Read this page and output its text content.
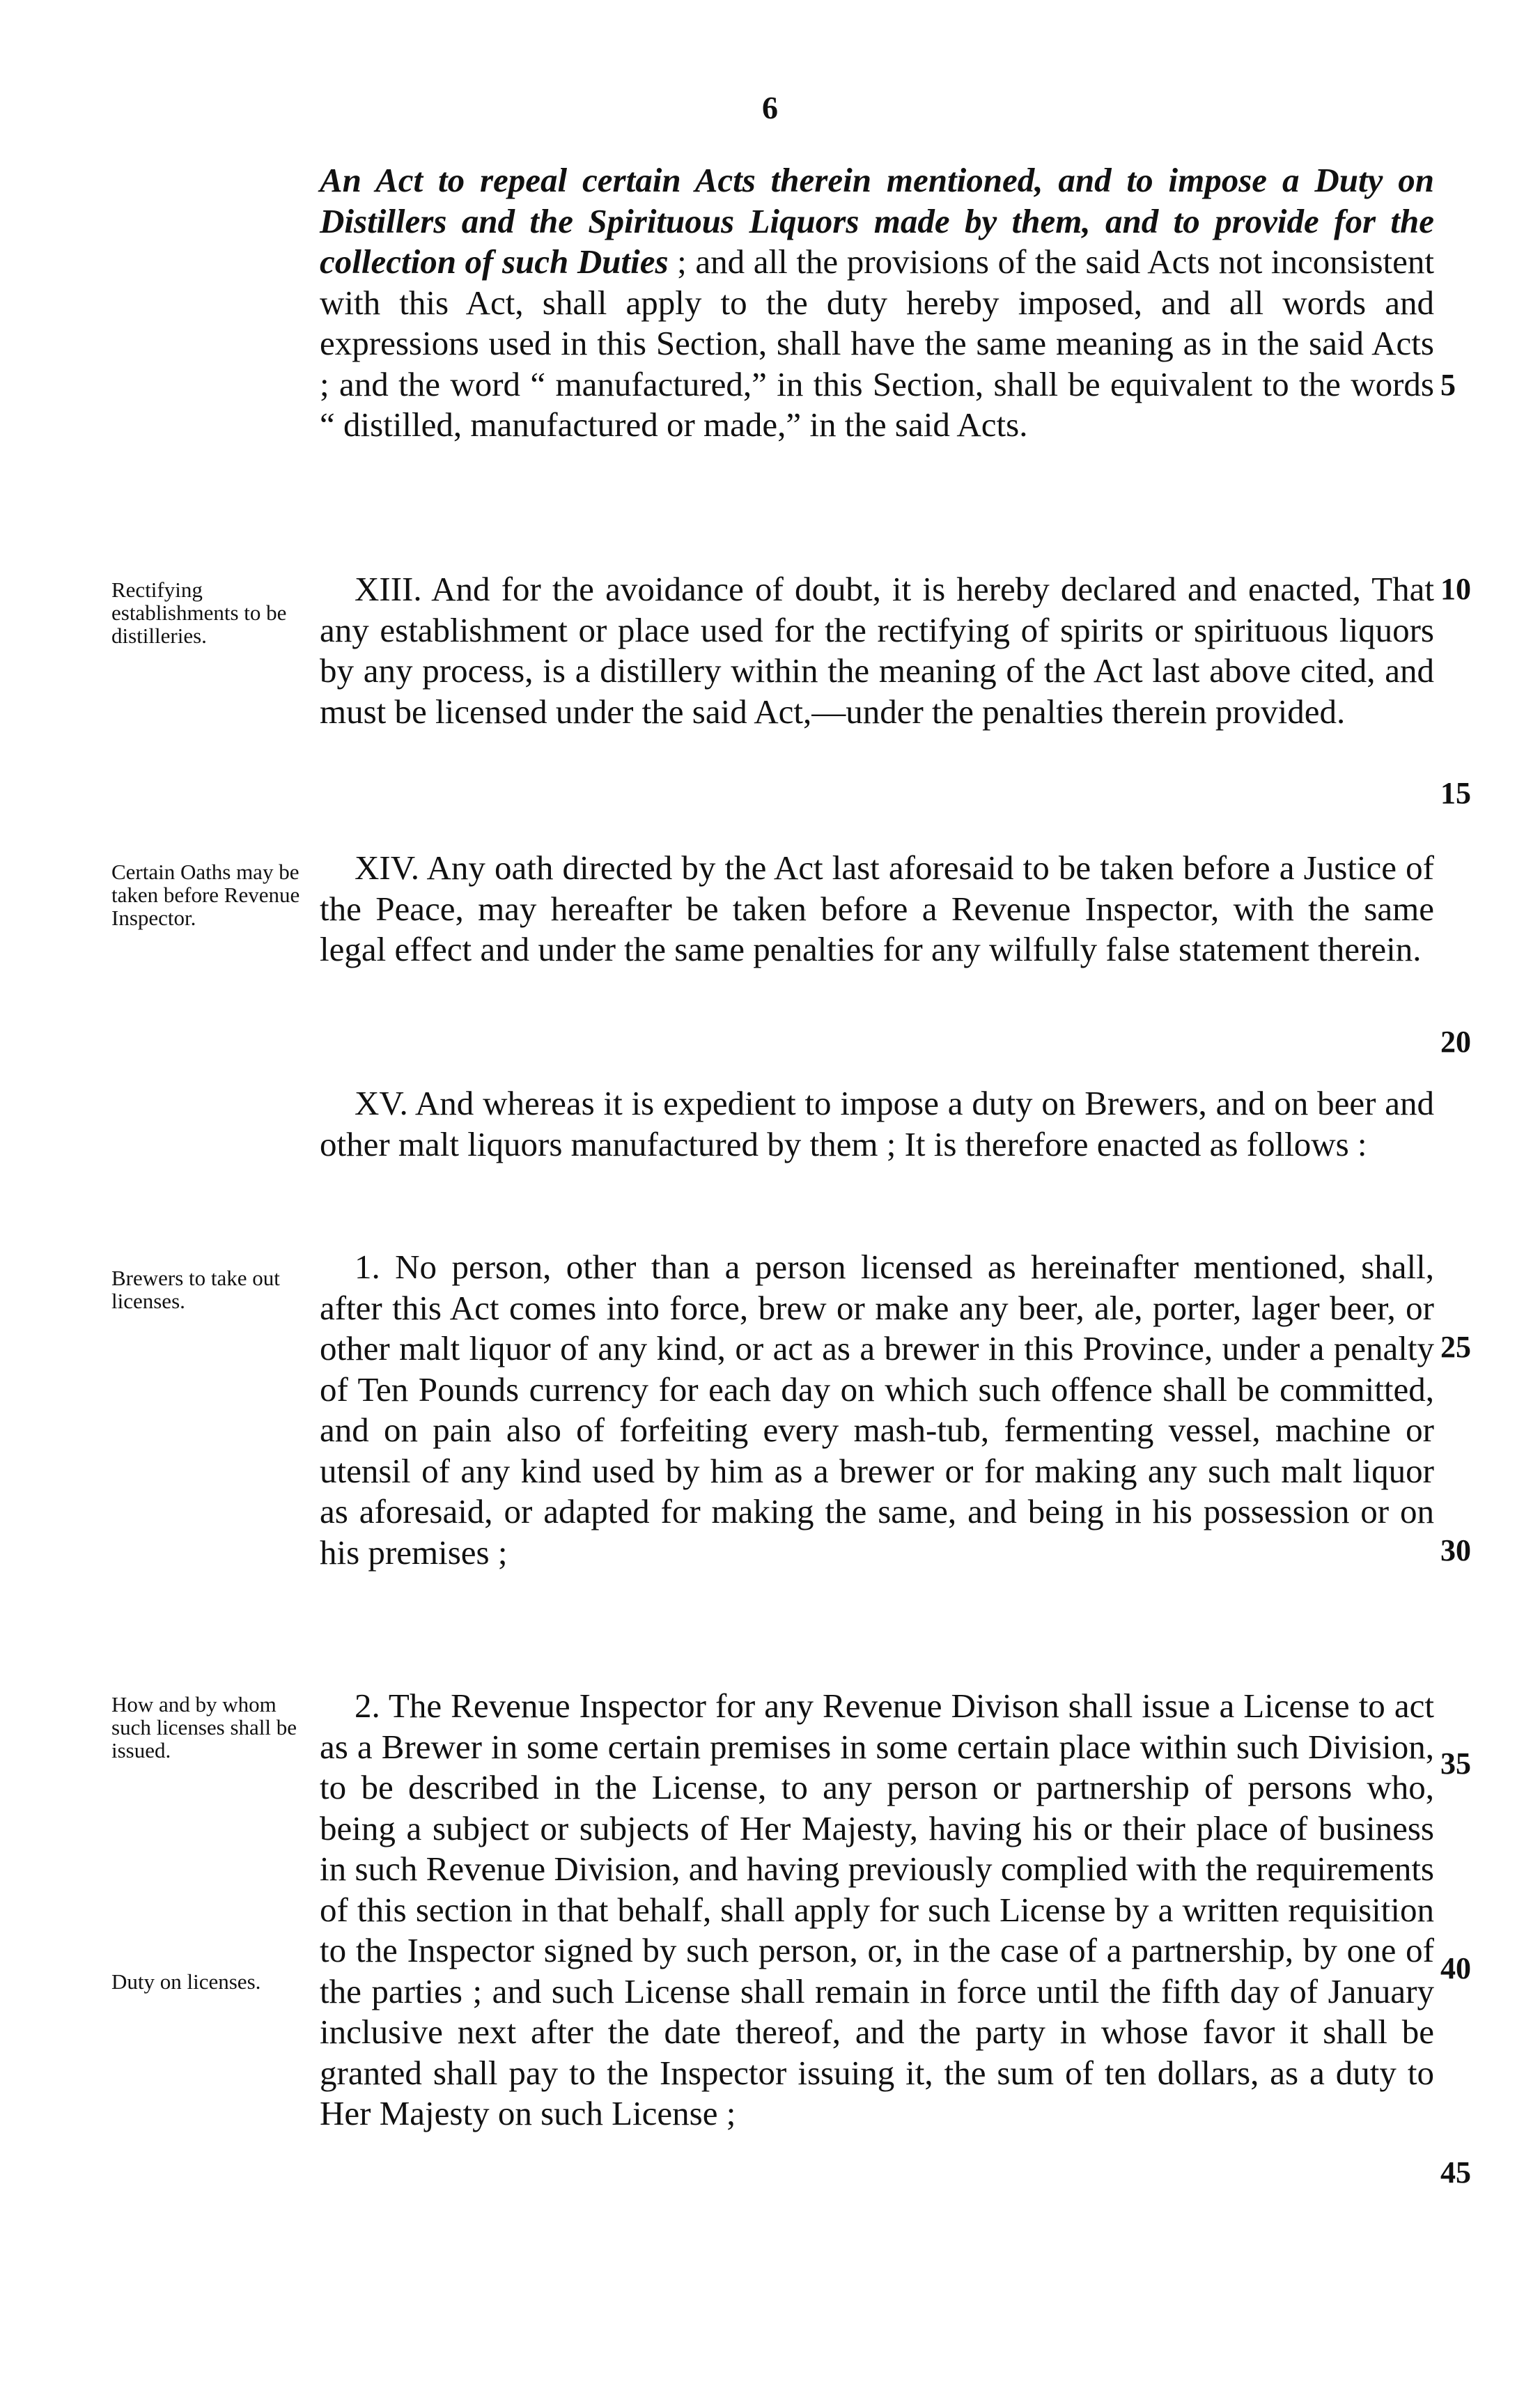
6

An Act to repeal certain Acts therein mentioned, and to impose a Duty on Distillers and the Spirituous Liquors made by them, and to provide for the collection of such Duties ; and all the provisions of the said Acts not inconsistent with this Act, shall apply to the duty hereby imposed, and all words and expressions used in this Section, shall have the same meaning as in the said Acts ; and the word “ manufactured,” in this Section, shall be equivalent to the words “ distilled, manufactured or made,” in the said Acts.

XIII. And for the avoidance of doubt, it is hereby declared and enacted, That any establishment or place used for the rectifying of spirits or spirituous liquors by any process, is a distillery within the meaning of the Act last above cited, and must be licensed under the said Act,—under the penalties therein provided.

XIV. Any oath directed by the Act last aforesaid to be taken before a Justice of the Peace, may hereafter be taken before a Revenue Inspector, with the same legal effect and under the same penalties for any wilfully false statement therein.

XV. And whereas it is expedient to impose a duty on Brewers, and on beer and other malt liquors manufactured by them ; It is therefore enacted as follows :

1. No person, other than a person licensed as hereinafter mentioned, shall, after this Act comes into force, brew or make any beer, ale, porter, lager beer, or other malt liquor of any kind, or act as a brewer in this Province, under a penalty of Ten Pounds currency for each day on which such offence shall be committed, and on pain also of forfeiting every mash-tub, fermenting vessel, machine or utensil of any kind used by him as a brewer or for making any such malt liquor as aforesaid, or adapted for making the same, and being in his possession or on his premises ;

2. The Revenue Inspector for any Revenue Divison shall issue a License to act as a Brewer in some certain premises in some certain place within such Division, to be described in the License, to any person or partnership of persons who, being a subject or subjects of Her Majesty, having his or their place of business in such Revenue Division, and having previously complied with the requirements of this section in that behalf, shall apply for such License by a written requisition to the Inspector signed by such person, or, in the case of a partnership, by one of the parties ; and such License shall remain in force until the fifth day of January inclusive next after the date thereof, and the party in whose favor it shall be granted shall pay to the Inspector issuing it, the sum of ten dollars, as a duty to Her Majesty on such License ;

Rectifying establishments to be distilleries.

Certain Oaths may be taken before Revenue Inspector.

Brewers to take out licenses.

How and by whom such licenses shall be issued.

Duty on licenses.

5
10
15
20
25
30
35
40
45
